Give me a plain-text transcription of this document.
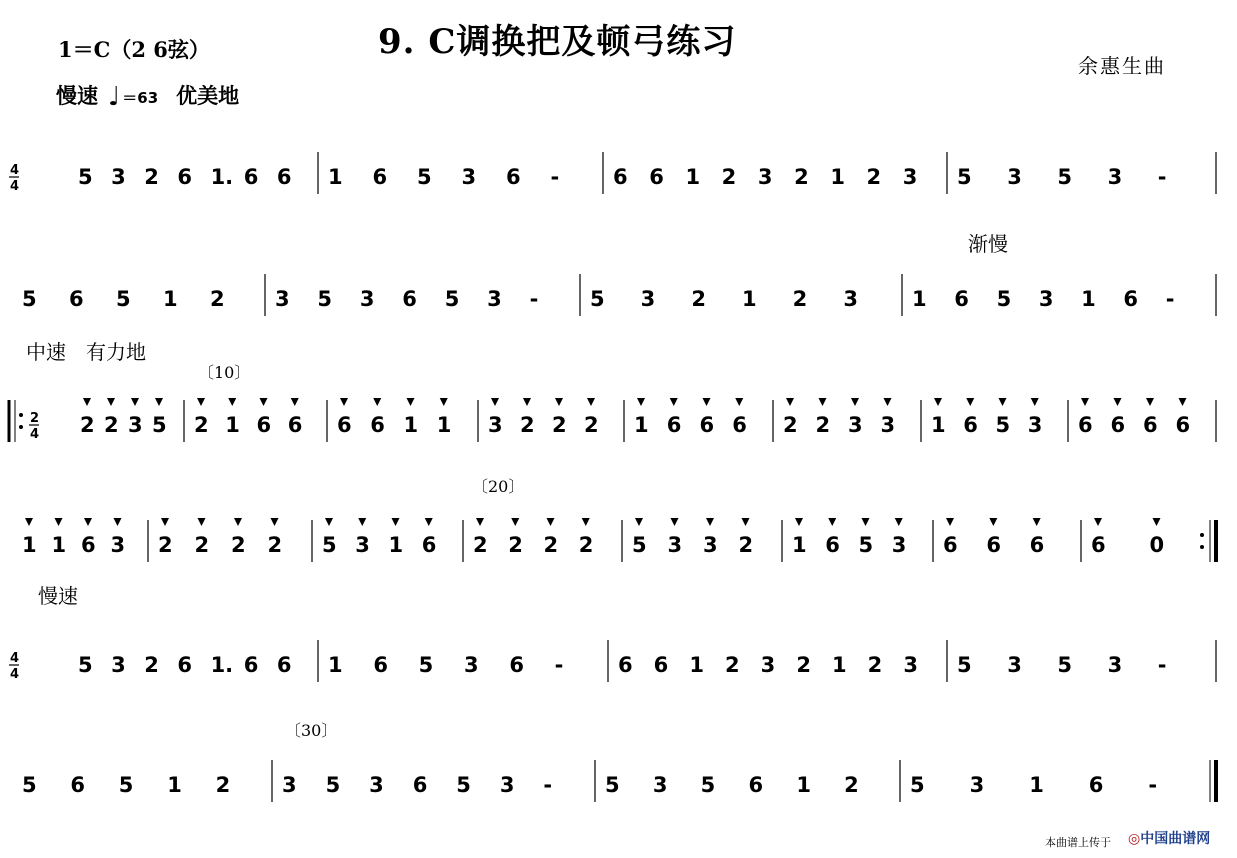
9. C调换把及顿弓练习
1＝C（2 6弦）
余惠生曲
慢速 ♩ ＝63 优美地
渐慢
中速　有力地
慢速
〔10〕
〔20〕
〔30〕
4
4	5 3 2 6 1. 6 6 1 6 5 3 6 -	6 6 1 2 3 2 1 2 3 5 3 5 3 -
5 6 5 1 2 3 5 3 6 5 3 - 5 3 2 1 2 3	1 6 5 3 1 6 -
2
4 2 2 3 5 2 1 6 6 6 6 1 1 3 2 2 2 1 6 6 6 2 2 3 3 1 6 5 3 6 6 6 6
1 1 6 3 2 2 2 2 5 3 1 6 2 2 2 2 5 3 3 2 1 6 5 3 6 6 6 6 0
4
4	5 3 2 6 1. 6 6 1 6 5 3 6 -	6 6 1 2 3 2 1 2 3 5 3 5 3 -
5 6 5 1 2 3 5 3 6 5 3 -	5 3 5 6 1 2 5 3 1 6 -
本曲谱上传于 ◎中国曲谱网
